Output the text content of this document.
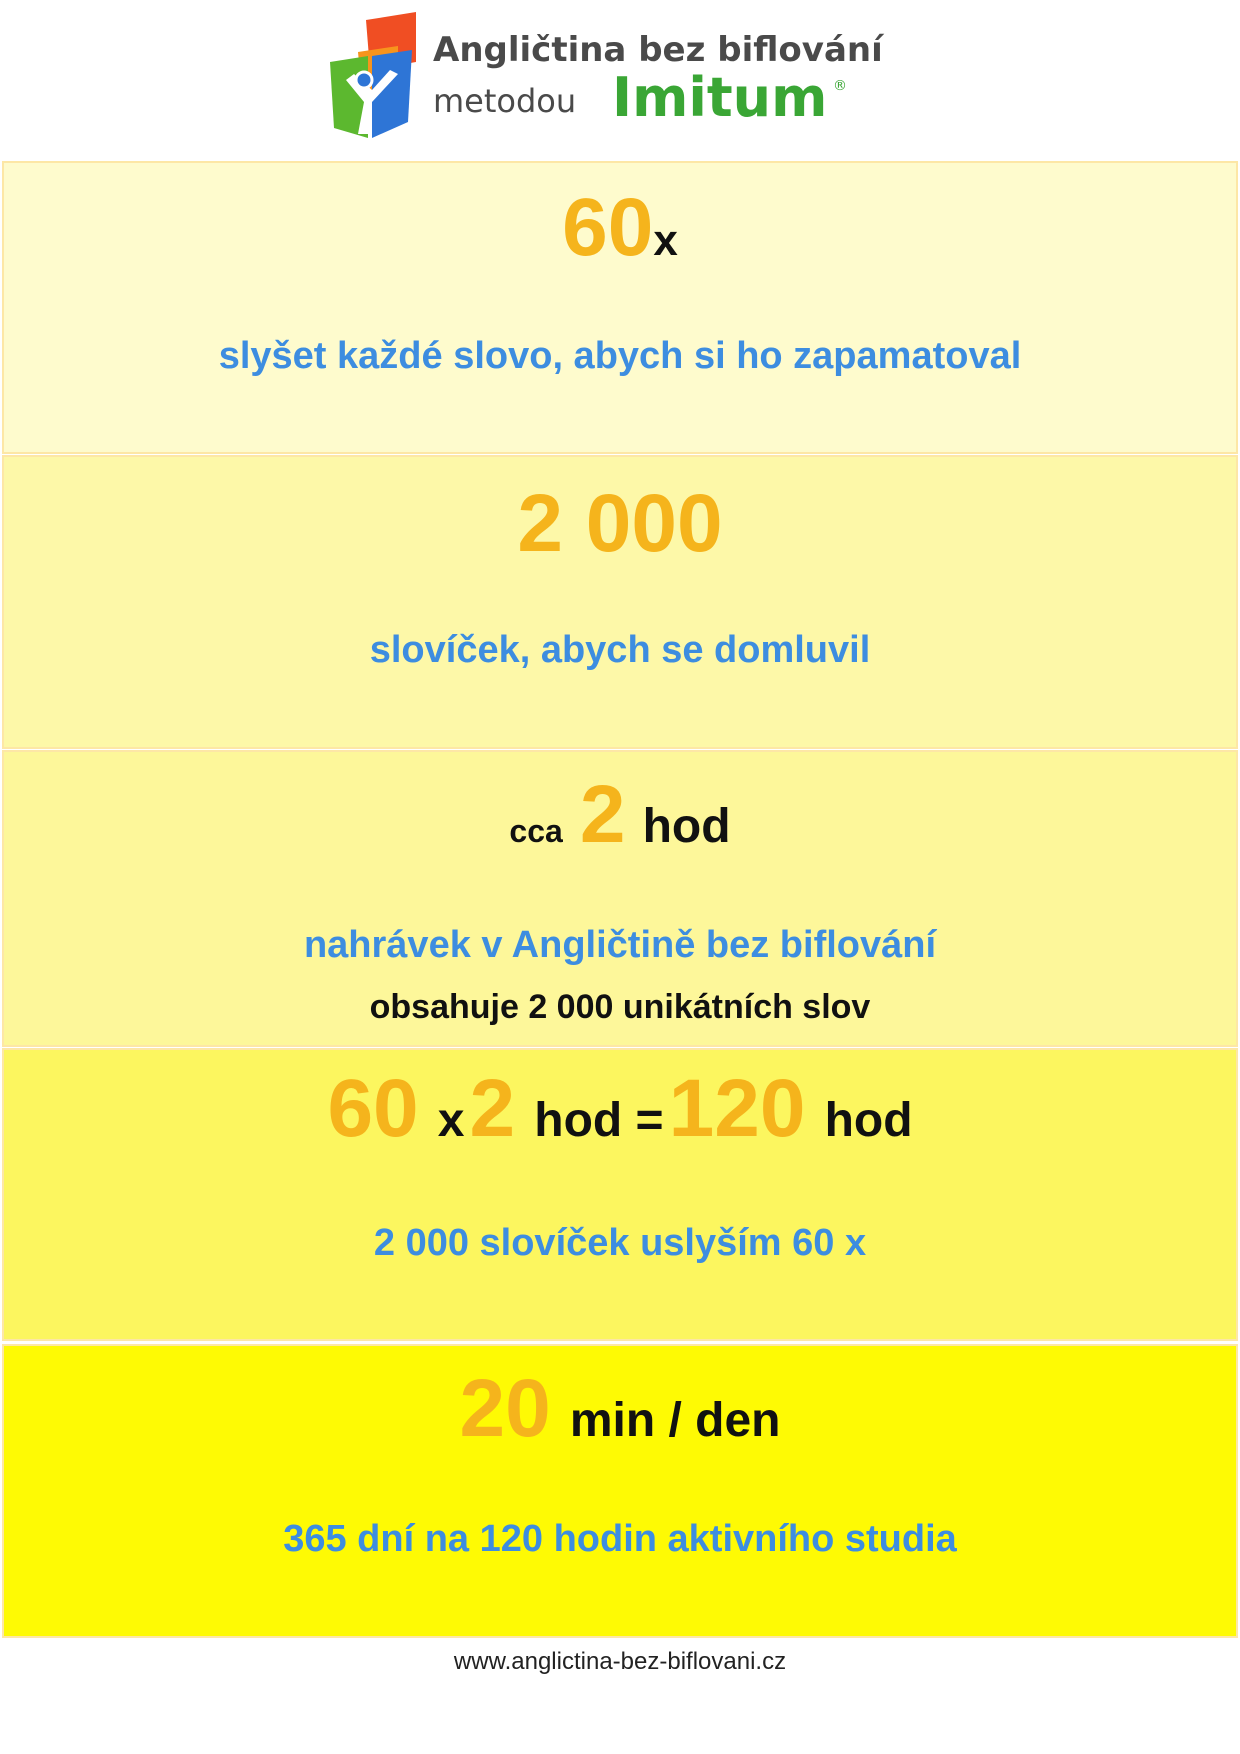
Angličtina bez biflování
metodou Imitum ®
60x
slyšet každé slovo, abych si ho zapamatoval
2 000
slovíček, abych se domluvil
cca 2 hod
nahrávek v Angličtině bez biflování
obsahuje 2 000 unikátních slov
60 x 2 hod = 120 hod
2 000 slovíček uslyším 60 x
20 min / den
365 dní na 120 hodin aktivního studia
www.anglictina-bez-biflovani.cz
